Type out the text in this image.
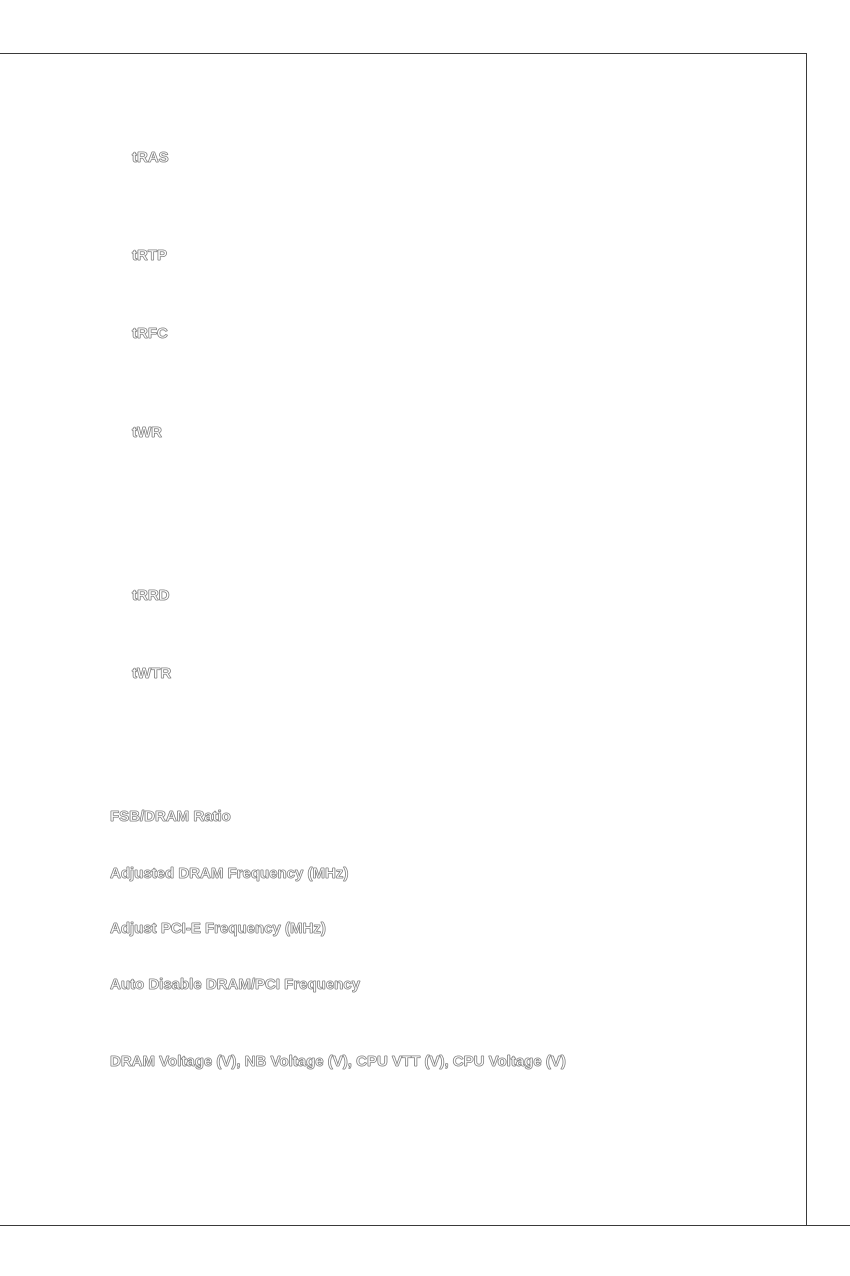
tRAS
tRTP
tRFC
tWR
tRRD
tWTR
FSB/DRAM Ratio
Adjusted DRAM Frequency (MHz)
Adjust PCI-E Frequency (MHz)
Auto Disable DRAM/PCI Frequency
DRAM Voltage (V), NB Voltage (V), CPU VTT (V), CPU Voltage (V)
